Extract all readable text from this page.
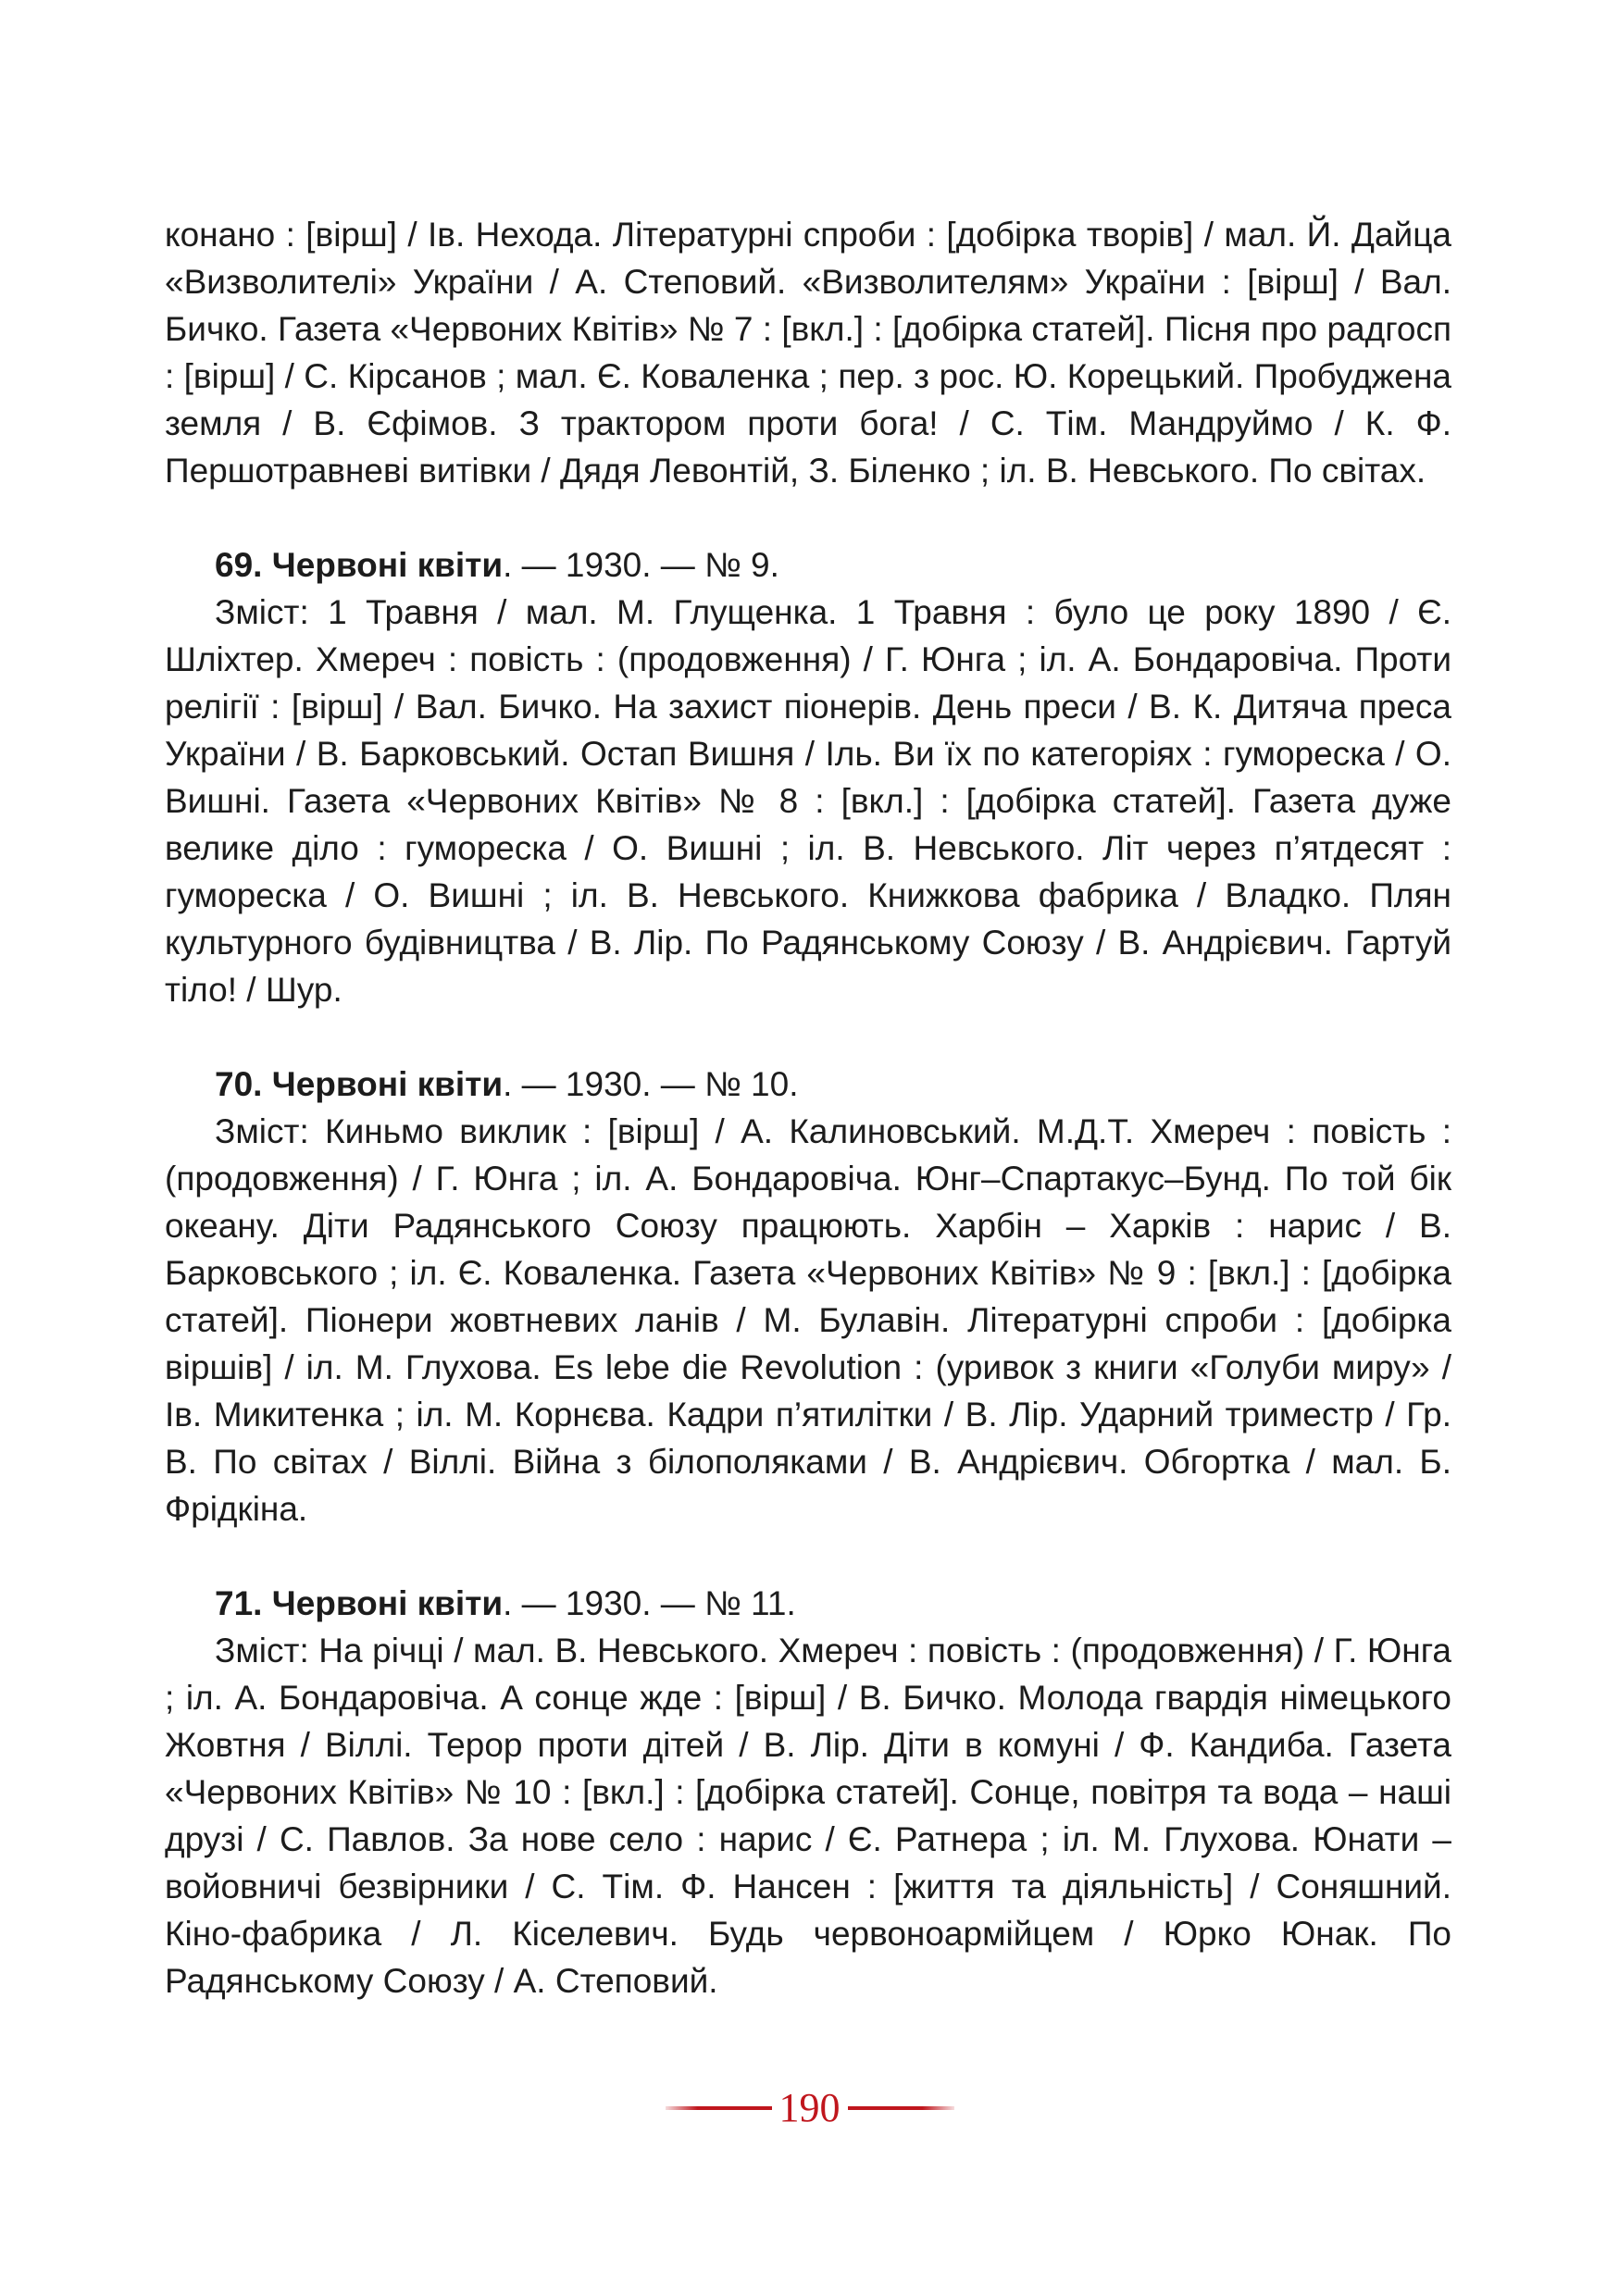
конано : [вірш] / Ів. Нехода. Літературні спроби : [добірка творів] / мал. Й. Дайца «Визволителі» України / А. Степовий. «Визволителям» України : [вірш] / Вал. Бичко. Газета «Червоних Квітів» № 7 : [вкл.] : [добірка статей]. Пісня про радгосп : [вірш] / С. Кірсанов ; мал. Є. Коваленка ; пер. з рос. Ю. Корецький. Пробуджена земля / В. Єфімов. З трактором проти бога! / С. Тім. Мандруймо / К. Ф. Першотравневі витівки / Дядя Левонтій, З. Біленко ; іл. В. Невського. По світах.

69. Червоні квіти. — 1930. — № 9.

Зміст: 1 Травня / мал. М. Глущенка. 1 Травня : було це року 1890 / Є. Шліхтер. Хмереч : повість : (продовження) / Г. Юнга ; іл. А. Бондаровіча. Проти релігії : [вірш] / Вал. Бичко. На захист піонерів. День преси / В. К. Дитяча преса України / В. Барковський. Остап Вишня / Іль. Ви їх по категоріях : гумореска / О. Вишні. Газета «Червоних Квітів» № 8 : [вкл.] : [добірка статей]. Газета дуже велике діло : гумореска / О. Вишні ; іл. В. Невського. Літ через п’ятдесят : гумореска / О. Вишні ; іл. В. Невського. Книжкова фабрика / Владко. Плян культурного будівництва / В. Лір. По Радянському Союзу / В. Андрієвич. Гартуй тіло! / Шур.

70. Червоні квіти. — 1930. — № 10.

Зміст: Киньмо виклик : [вірш] / А. Калиновський. М.Д.Т. Хмереч : повість : (продовження) / Г. Юнга ; іл. А. Бондаровіча. Юнг–Спартакус–Бунд. По той бік океану. Діти Радянського Союзу працюють. Харбін – Харків : нарис / В. Барковського ; іл. Є. Коваленка. Газета «Червоних Квітів» № 9 : [вкл.] : [добірка статей]. Піонери жовтневих ланів / М. Булавін. Літературні спроби : [добірка віршів] / іл. М. Глухова. Es lebe die Revolution : (уривок з книги «Голуби миру» / Ів. Микитенка ; іл. М. Корнєва. Кадри п’ятилітки / В. Лір. Ударний триместр / Гр. В. По світах / Віллі. Війна з білополяками / В. Андрієвич. Обгортка / мал. Б. Фрідкіна.

71. Червоні квіти. — 1930. — № 11.

Зміст: На річці / мал. В. Невського. Хмереч : повість : (продовження) / Г. Юнга ; іл. А. Бондаровіча. А сонце жде : [вірш] / В. Бичко. Молода гвардія німецького Жовтня / Віллі. Терор проти дітей / В. Лір. Діти в комуні / Ф. Кандиба. Газета «Червоних Квітів» № 10 : [вкл.] : [добірка статей]. Сонце, повітря та вода – наші друзі / С. Павлов. За нове село : нарис / Є. Ратнера ; іл. М. Глухова. Юнати – войовничі безвірники / С. Тім. Ф. Нансен : [життя та діяльність] / Соняшний. Кіно-фабрика / Л. Кіселевич. Будь червоноармійцем / Юрко Юнак. По Радянському Союзу / А. Степовий.

190
